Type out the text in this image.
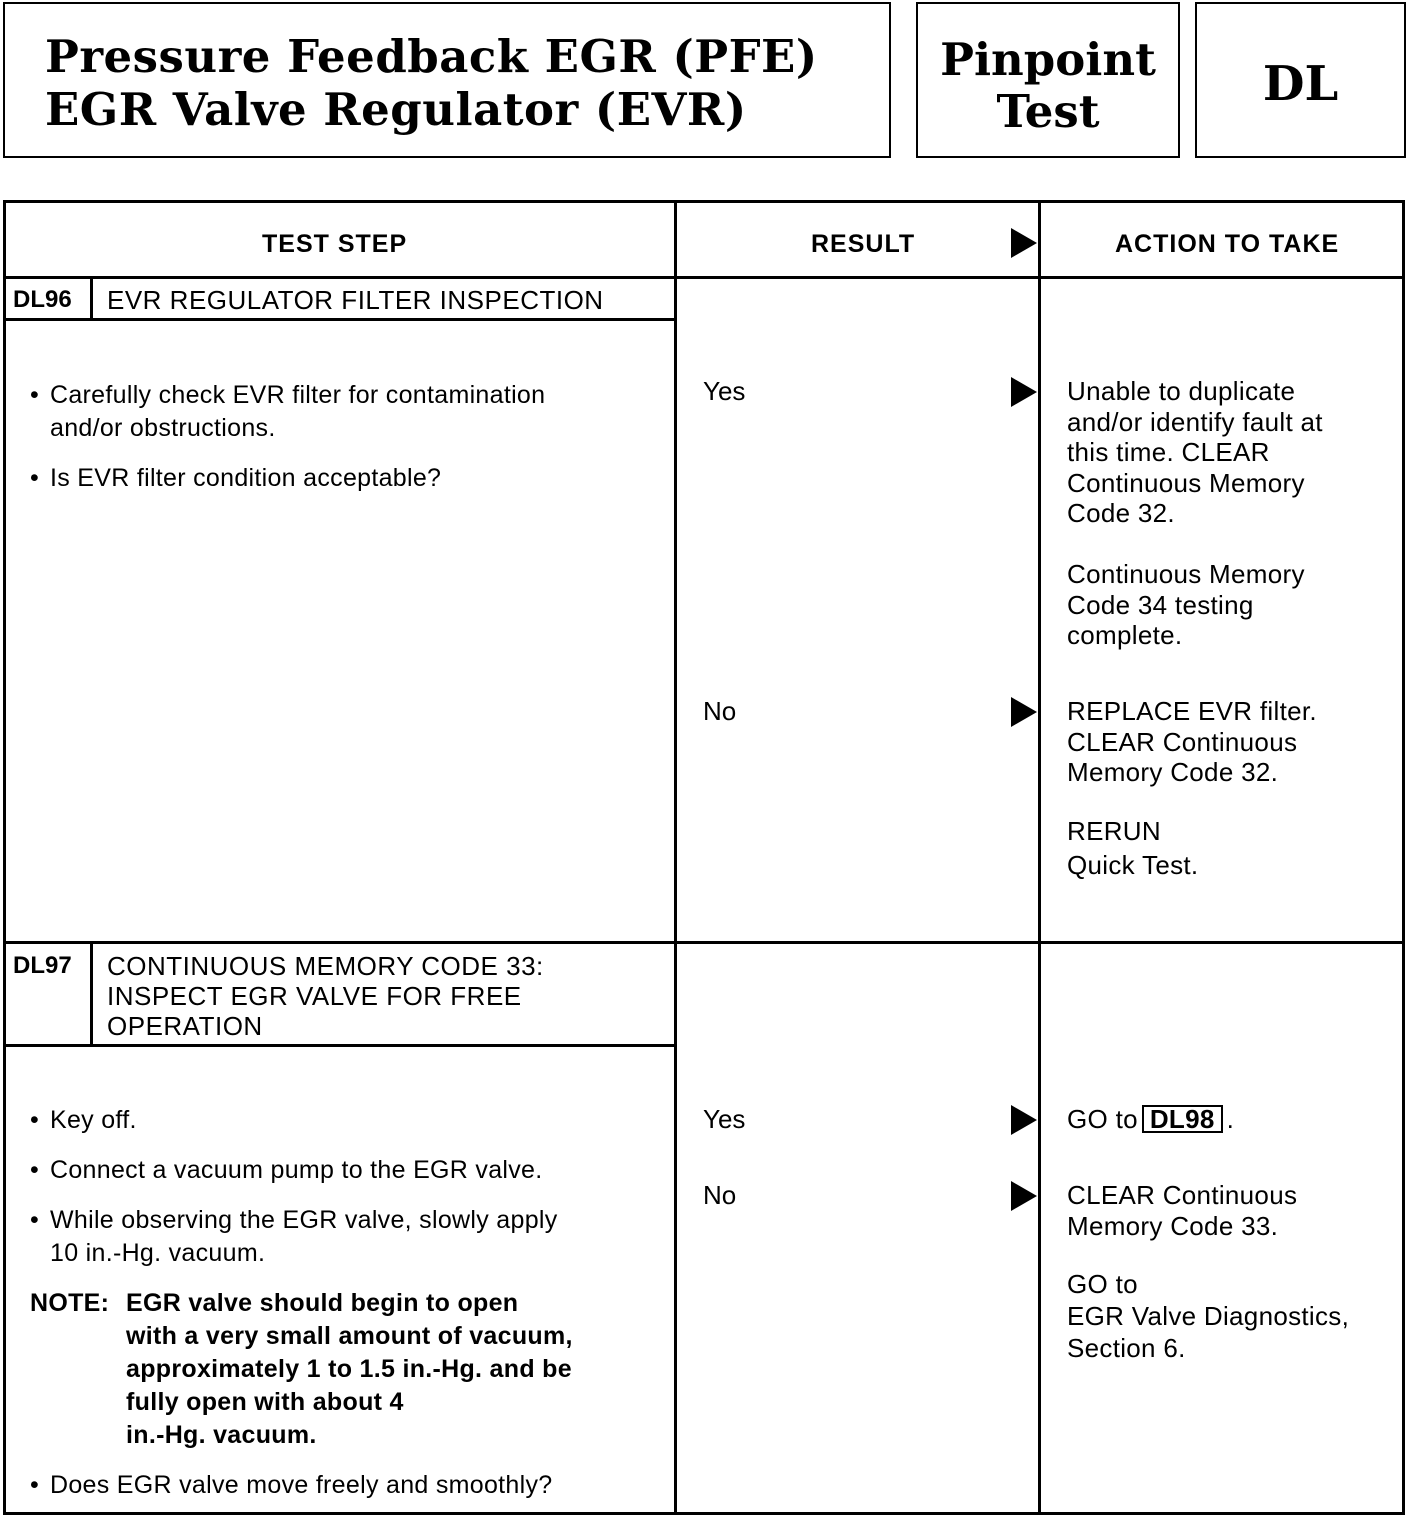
Pressure Feedback EGR (PFE)
EGR Valve Regulator (EVR)
Pinpoint
Test	DL
TEST STEP	RESULT	ACTION TO TAKE
DL96 EVR REGULATOR FILTER INSPECTION
• Carefully check EVR filter for contamination
and/or obstructions.
• Is EVR filter condition acceptable?
Yes	Unable to duplicate
and/or identify fault at
this time. CLEAR
Continuous Memory
Code 32.
Continuous Memory
Code 34 testing
complete.
No	REPLACE EVR filter.
CLEAR Continuous
Memory Code 32.
RERUN
Quick Test.
DL97 CONTINUOUS MEMORY CODE 33:
INSPECT EGR VALVE FOR FREE
OPERATION
• Key off.
• Connect a vacuum pump to the EGR valve.
• While observing the EGR valve, slowly apply
10 in.-Hg. vacuum.
NOTE: EGR valve should begin to open
with a very small amount of vacuum,
approximately 1 to 1.5 in.-Hg. and be
fully open with about 4
in.-Hg. vacuum.
• Does EGR valve move freely and smoothly?
Yes	GO to DL98 .
No	CLEAR Continuous
Memory Code 33.
GO to
EGR Valve Diagnostics,
Section 6.
